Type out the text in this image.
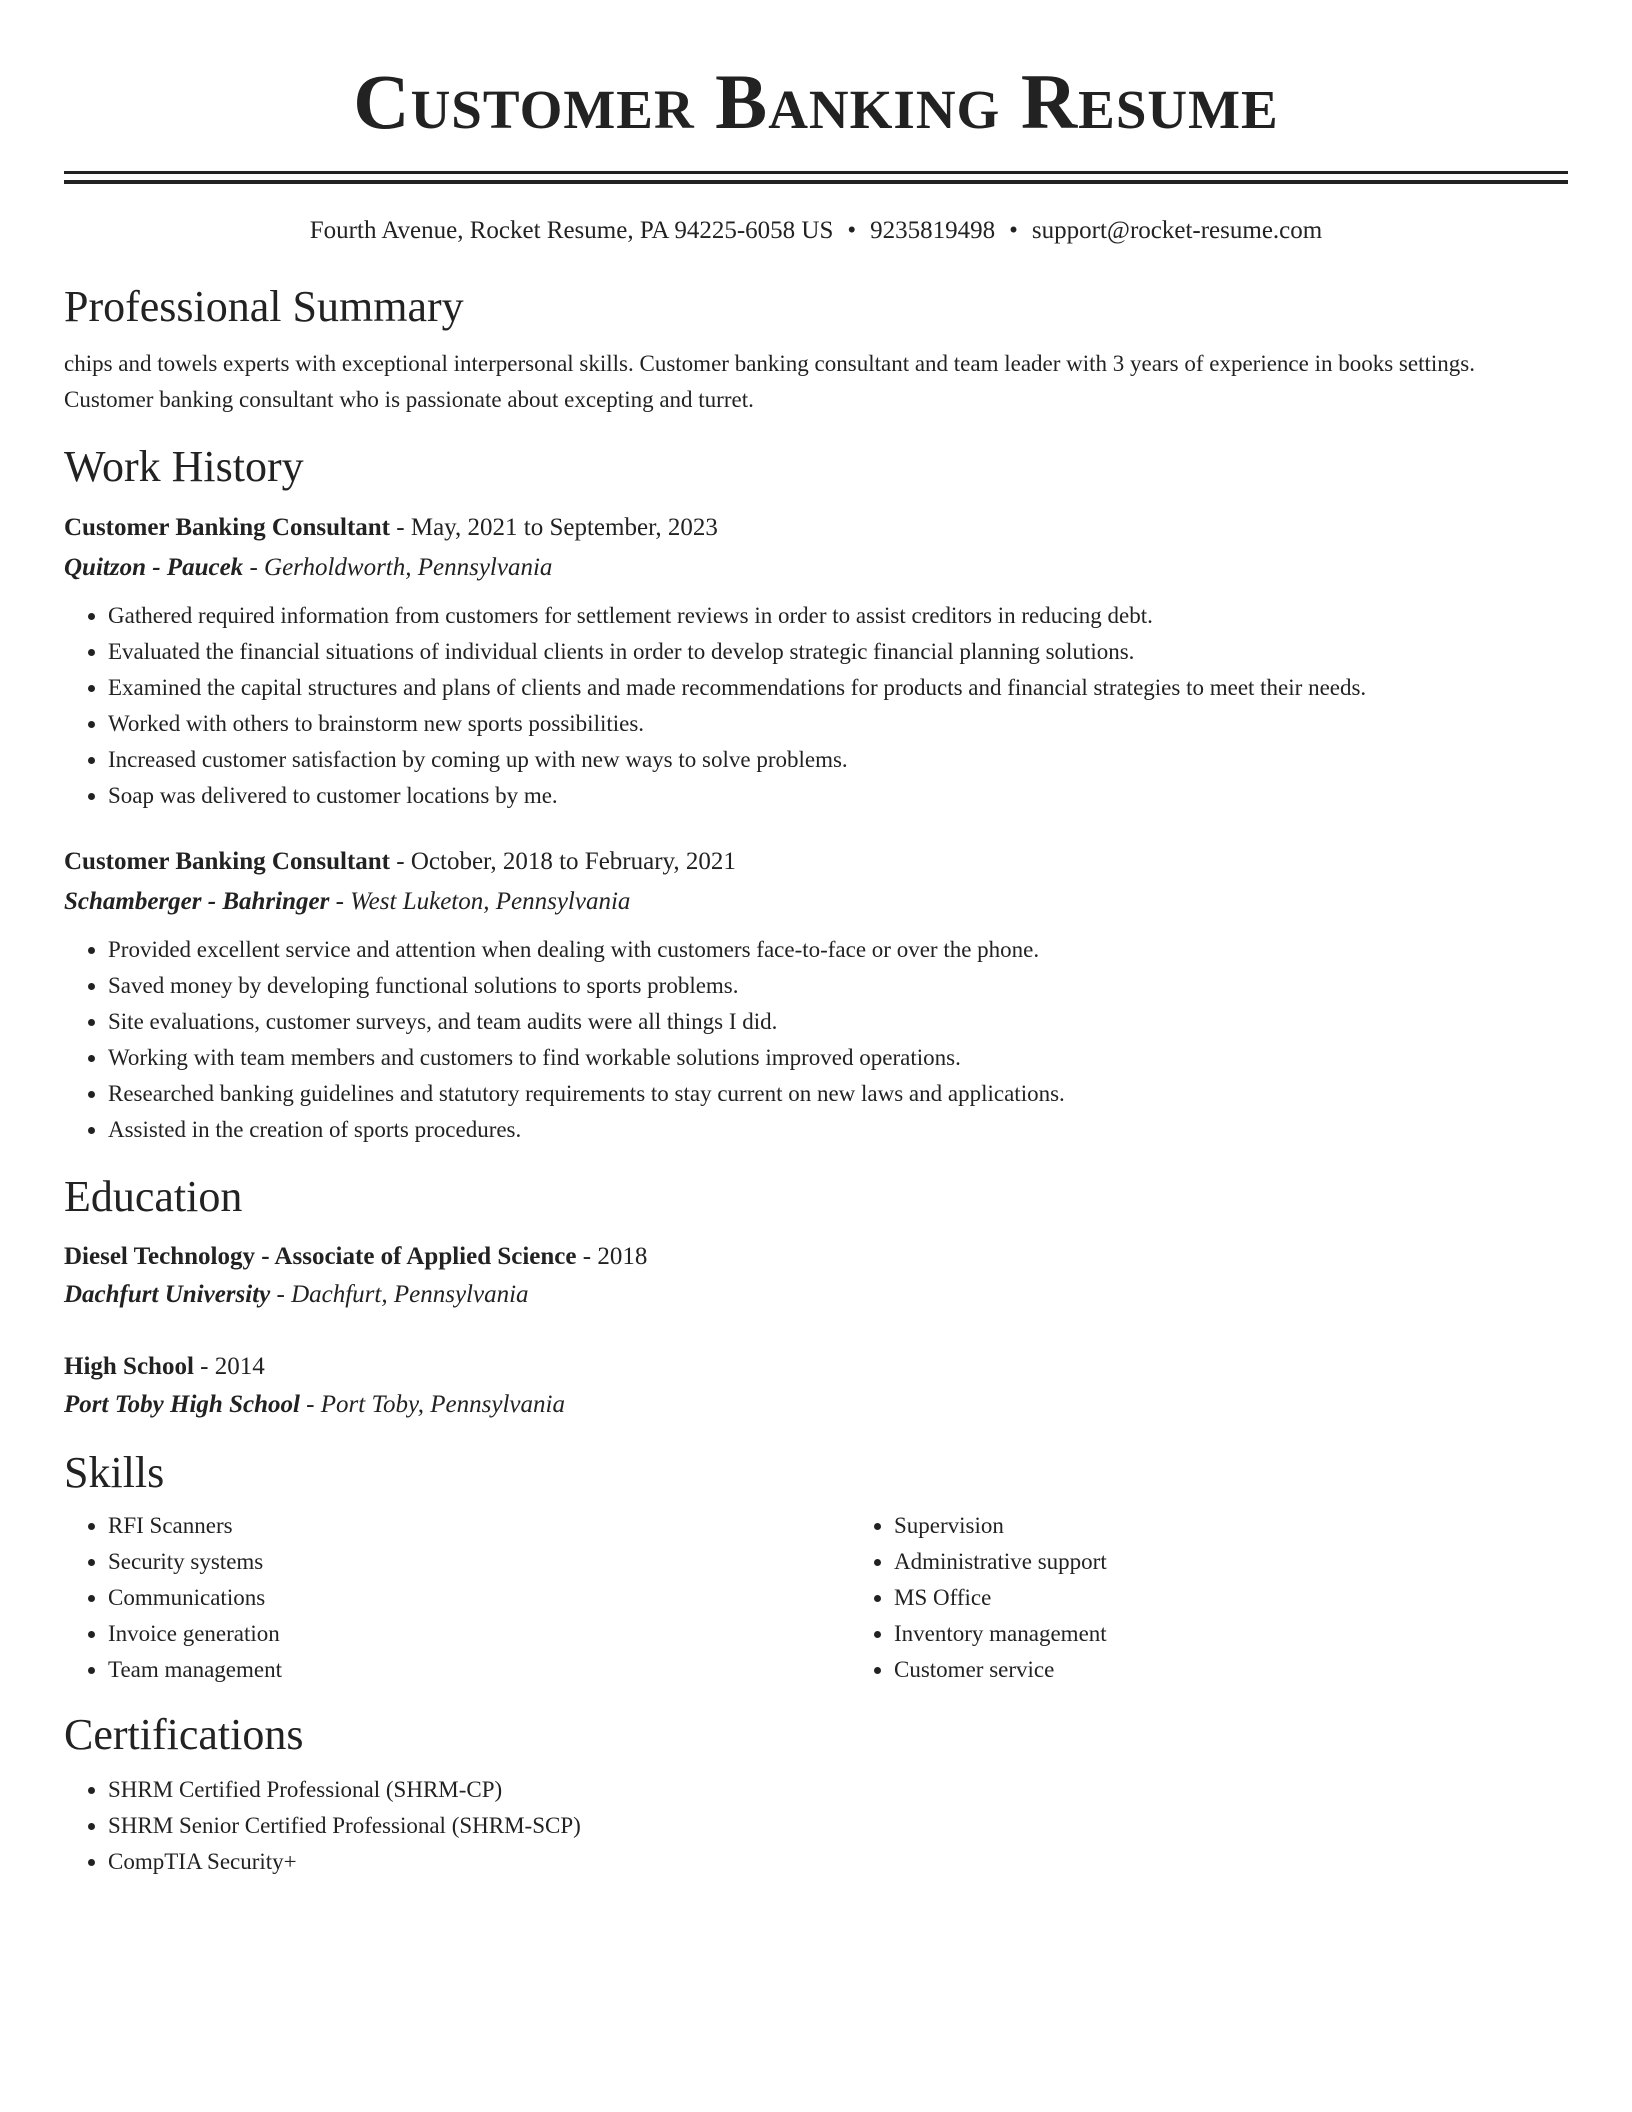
Customer Banking Resume
Fourth Avenue, Rocket Resume, PA 94225-6058 US • 9235819498 • support@rocket-resume.com
Professional Summary
chips and towels experts with exceptional interpersonal skills. Customer banking consultant and team leader with 3 years of experience in books settings. Customer banking consultant who is passionate about excepting and turret.
Work History
Customer Banking Consultant - May, 2021 to September, 2023
Quitzon - Paucek - Gerholdworth, Pennsylvania
• Gathered required information from customers for settlement reviews in order to assist creditors in reducing debt.
• Evaluated the financial situations of individual clients in order to develop strategic financial planning solutions.
• Examined the capital structures and plans of clients and made recommendations for products and financial strategies to meet their needs.
• Worked with others to brainstorm new sports possibilities.
• Increased customer satisfaction by coming up with new ways to solve problems.
• Soap was delivered to customer locations by me.
Customer Banking Consultant - October, 2018 to February, 2021
Schamberger - Bahringer - West Luketon, Pennsylvania
• Provided excellent service and attention when dealing with customers face-to-face or over the phone.
• Saved money by developing functional solutions to sports problems.
• Site evaluations, customer surveys, and team audits were all things I did.
• Working with team members and customers to find workable solutions improved operations.
• Researched banking guidelines and statutory requirements to stay current on new laws and applications.
• Assisted in the creation of sports procedures.
Education
Diesel Technology - Associate of Applied Science - 2018
Dachfurt University - Dachfurt, Pennsylvania
High School - 2014
Port Toby High School - Port Toby, Pennsylvania
Skills
• RFI Scanners
• Security systems
• Communications
• Invoice generation
• Team management
• Supervision
• Administrative support
• MS Office
• Inventory management
• Customer service
Certifications
• SHRM Certified Professional (SHRM-CP)
• SHRM Senior Certified Professional (SHRM-SCP)
• CompTIA Security+
